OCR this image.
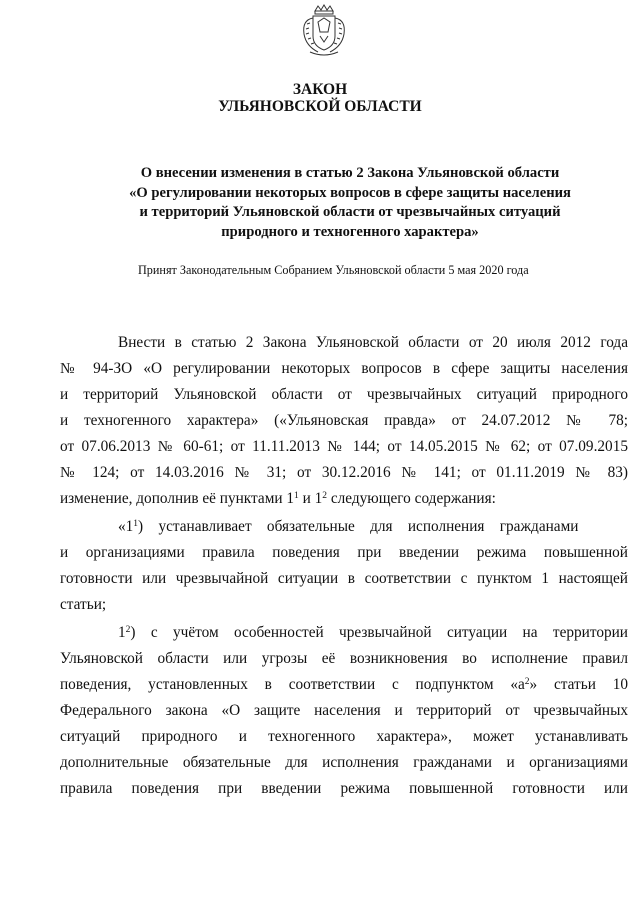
ЗАКОН
УЛЬЯНОВСКОЙ ОБЛАСТИ
О внесении изменения в статью 2 Закона Ульяновской области
«О регулировании некоторых вопросов в сфере защиты населения
и территорий Ульяновской области от чрезвычайных ситуаций
природного и техногенного характера»
Принят Законодательным Собранием Ульяновской области 5 мая 2020 года
Внести в статью 2 Закона Ульяновской области от 20 июля 2012 года
№ 94-ЗО «О регулировании некоторых вопросов в сфере защиты населения
и территорий Ульяновской области от чрезвычайных ситуаций природного
и техногенного характера» («Ульяновская правда» от 24.07.2012 № 78;
от 07.06.2013 № 60-61; от 11.11.2013 № 144; от 14.05.2015 № 62; от 07.09.2015
№ 124; от 14.03.2016 № 31; от 30.12.2016 № 141; от 01.11.2019 № 83)
изменение, дополнив её пунктами $1^1$ и $1^2$ следующего содержания:
«$1^1$)    устанавливает    обязательные    для    исполнения    гражданами
и организациями правила поведения при введении режима повышенной
готовности или чрезвычайной ситуации в соответствии с пунктом 1 настоящей
статьи;
$1^2$) с учётом особенностей чрезвычайной ситуации на территории
Ульяновской области или угрозы её возникновения во исполнение правил
поведения, установленных в соответствии с подпунктом «$а^2$» статьи 10
Федерального закона «О защите населения и территорий от чрезвычайных
ситуаций природного и техногенного характера», может устанавливать
дополнительные обязательные для исполнения гражданами и организациями
правила поведения при введении режима повышенной готовности или
